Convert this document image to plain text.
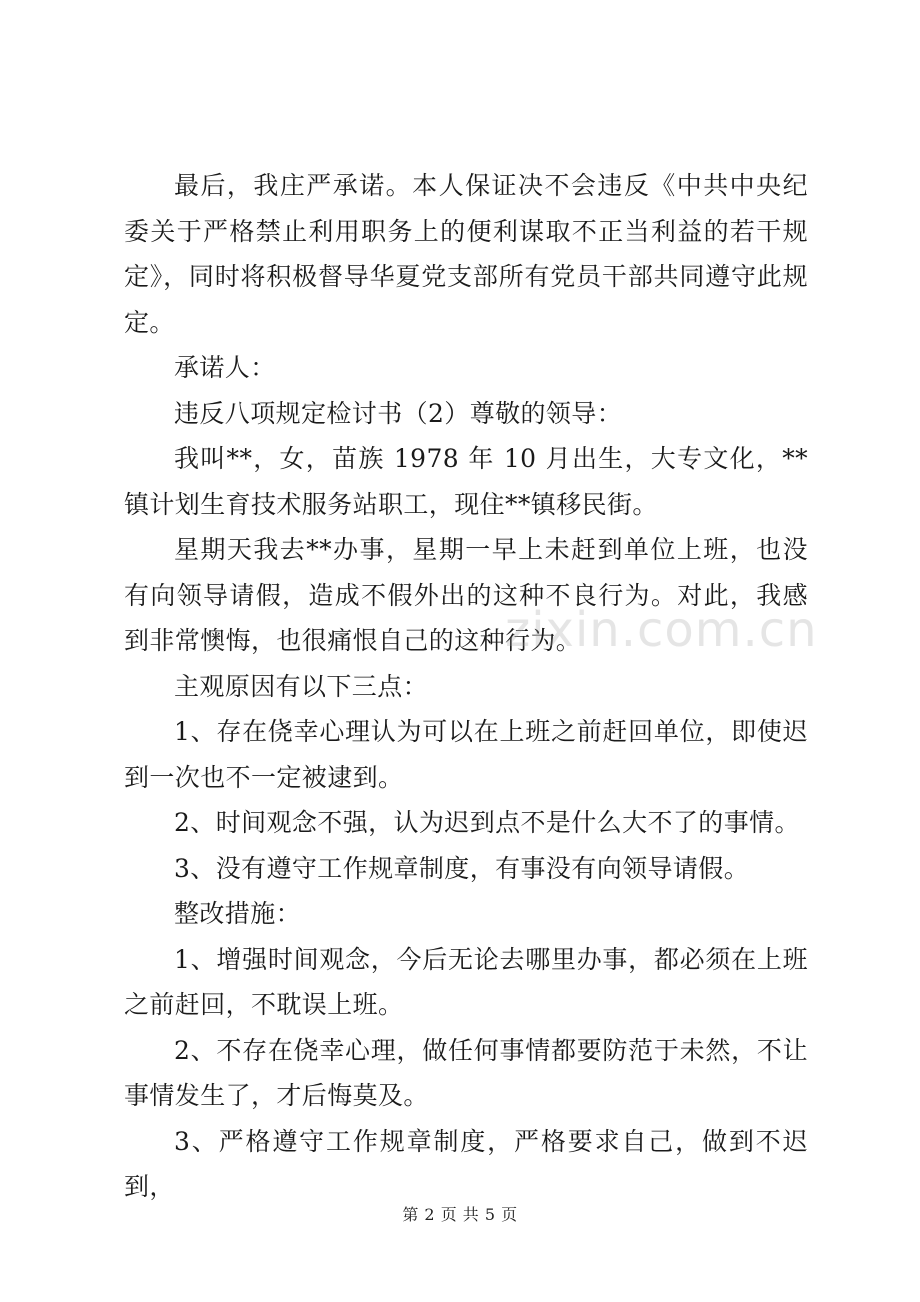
最后，我庄严承诺。本人保证决不会违反《中共中央纪委关于严格禁止利用职务上的便利谋取不正当利益的若干规定》，同时将积极督导华夏党支部所有党员干部共同遵守此规定。

承诺人：

违反八项规定检讨书（2）尊敬的领导：

我叫**，女，苗族 1978 年 10 月出生，大专文化，**镇计划生育技术服务站职工，现住**镇移民街。

星期天我去**办事，星期一早上未赶到单位上班，也没有向领导请假，造成不假外出的这种不良行为。对此，我感到非常懊悔，也很痛恨自己的这种行为。

主观原因有以下三点：

1、存在侥幸心理认为可以在上班之前赶回单位，即使迟到一次也不一定被逮到。

2、时间观念不强，认为迟到点不是什么大不了的事情。

3、没有遵守工作规章制度，有事没有向领导请假。

整改措施：

1、增强时间观念，今后无论去哪里办事，都必须在上班之前赶回，不耽误上班。

2、不存在侥幸心理，做任何事情都要防范于未然，不让事情发生了，才后悔莫及。

3、严格遵守工作规章制度，严格要求自己，做到不迟到，

zixin.com.cn
第 2 页 共 5 页
